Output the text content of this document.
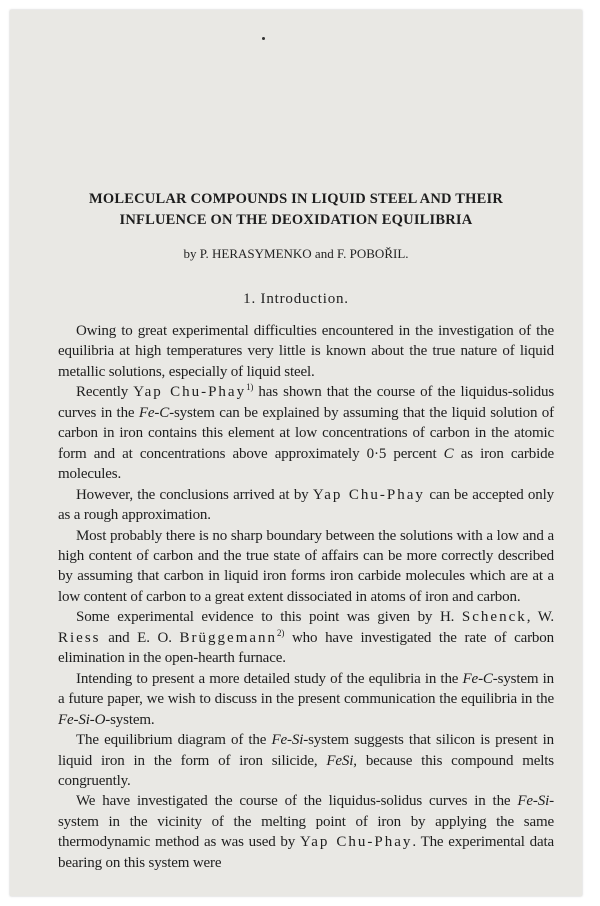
MOLECULAR COMPOUNDS IN LIQUID STEEL AND THEIR
INFLUENCE ON THE DEOXIDATION EQUILIBRIA
by P. HERASYMENKO and F. POBOŘIL.
1. Introduction.

Owing to great experimental difficulties encountered in the investigation of the equilibria at high temperatures very little is known about the true nature of liquid metallic solutions, especially of liquid steel.

Recently Yap Chu-Phay$^{1)}$ has shown that the course of the liquidus-solidus curves in the Fe-C-system can be explained by assuming that the liquid solution of carbon in iron contains this element at low concentrations of carbon in the atomic form and at concentrations above approximately 0·5 percent C as iron carbide molecules.

However, the conclusions arrived at by Yap Chu-Phay can be accepted only as a rough approximation.

Most probably there is no sharp boundary between the solutions with a low and a high content of carbon and the true state of affairs can be more correctly described by assuming that carbon in liquid iron forms iron carbide molecules which are at a low content of carbon to a great extent dissociated in atoms of iron and carbon.

Some experimental evidence to this point was given by H. Schenck, W. Riess and E. O. Brüggemann$^{2)}$ who have investigated the rate of carbon elimination in the open-hearth furnace.

Intending to present a more detailed study of the equlibria in the Fe-C-system in a future paper, we wish to discuss in the present communication the equilibria in the Fe-Si-O-system.

The equilibrium diagram of the Fe-Si-system suggests that silicon is present in liquid iron in the form of iron silicide, FeSi, because this compound melts congruently.

We have investigated the course of the liquidus-solidus curves in the Fe-Si-system in the vicinity of the melting point of iron by applying the same thermodynamic method as was used by Yap Chu-Phay. The experimental data bearing on this system were
